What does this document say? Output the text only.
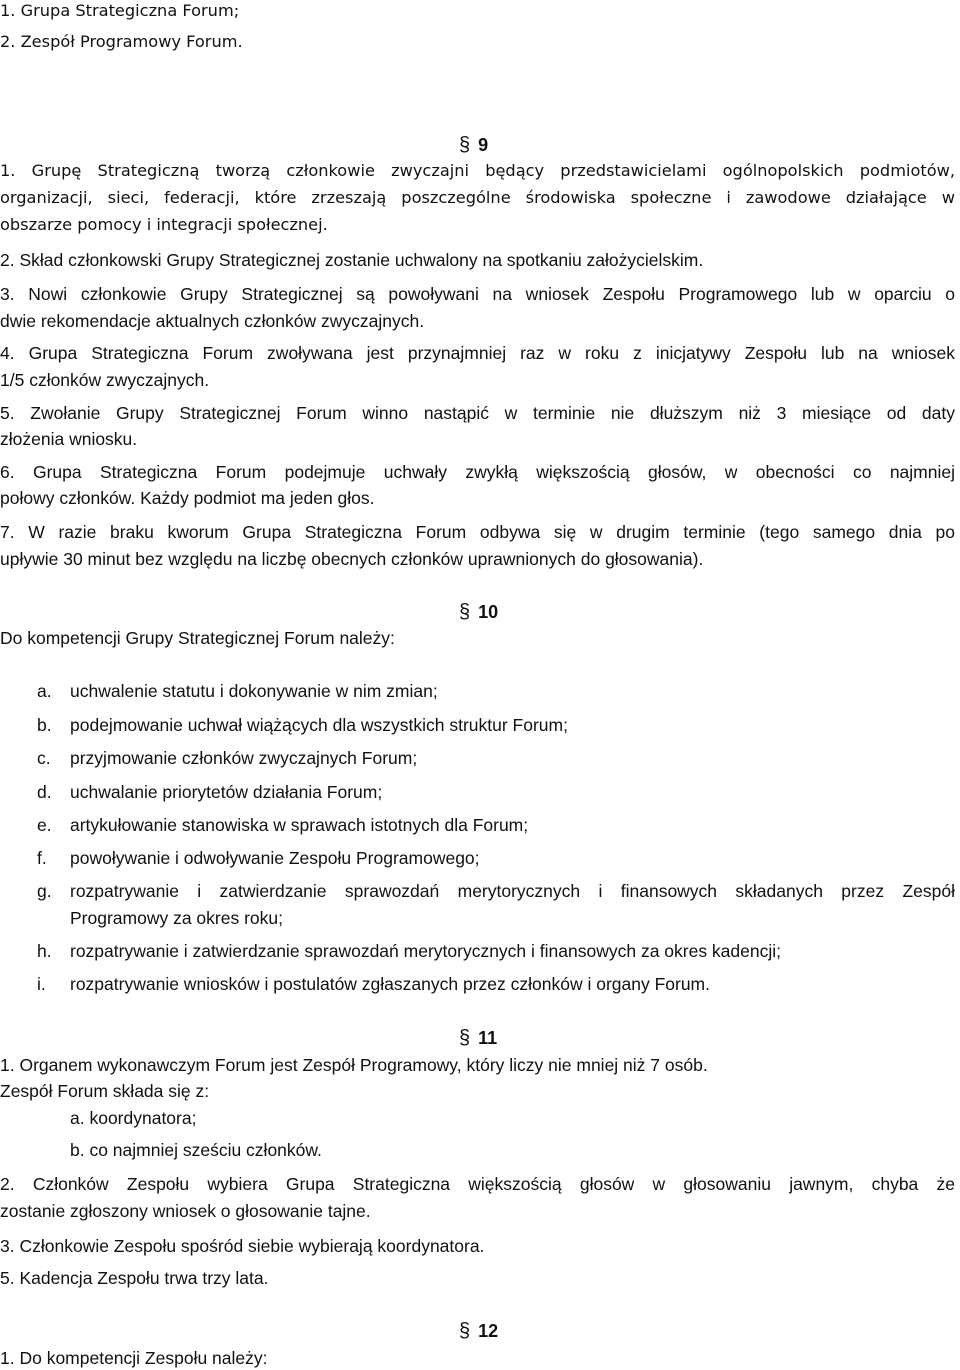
1. Grupa Strategiczna Forum;
2. Zespół Programowy Forum.
§ 9
1. Grupę Strategiczną tworzą członkowie zwyczajni będący przedstawicielami ogólnopolskich podmiotów,
organizacji, sieci, federacji, które zrzeszają poszczególne środowiska społeczne i zawodowe działające w
obszarze pomocy i integracji społecznej.
2. Skład członkowski Grupy Strategicznej zostanie uchwalony na spotkaniu założycielskim.
3. Nowi członkowie Grupy Strategicznej są powoływani na wniosek Zespołu Programowego lub w oparciu o
dwie rekomendacje aktualnych członków zwyczajnych.
4. Grupa Strategiczna Forum zwoływana jest przynajmniej raz w roku z inicjatywy Zespołu lub na wniosek
1/5 członków zwyczajnych.
5. Zwołanie Grupy Strategicznej Forum winno nastąpić w terminie nie dłuższym niż 3 miesiące od daty
złożenia wniosku.
6. Grupa Strategiczna Forum podejmuje uchwały zwykłą większością głosów, w obecności co najmniej
połowy członków. Każdy podmiot ma jeden głos.
7. W razie braku kworum Grupa Strategiczna Forum odbywa się w drugim terminie (tego samego dnia po
upływie 30 minut bez względu na liczbę obecnych członków uprawnionych do głosowania).
§ 10
Do kompetencji Grupy Strategicznej Forum należy:
a. uchwalenie statutu i dokonywanie w nim zmian;
b. podejmowanie uchwał wiążących dla wszystkich struktur Forum;
c. przyjmowanie członków zwyczajnych Forum;
d. uchwalanie priorytetów działania Forum;
e. artykułowanie stanowiska w sprawach istotnych dla Forum;
f. powoływanie i odwoływanie Zespołu Programowego;
g. rozpatrywanie i zatwierdzanie sprawozdań merytorycznych i finansowych składanych przez Zespół
Programowy za okres roku;
h. rozpatrywanie i zatwierdzanie sprawozdań merytorycznych i finansowych za okres kadencji;
i. rozpatrywanie wniosków i postulatów zgłaszanych przez członków i organy Forum.
§ 11
1. Organem wykonawczym Forum jest Zespół Programowy, który liczy nie mniej niż 7 osób.
Zespół Forum składa się z:
a. koordynatora;
b. co najmniej sześciu członków.
2. Członków Zespołu wybiera Grupa Strategiczna większością głosów w głosowaniu jawnym, chyba że
zostanie zgłoszony wniosek o głosowanie tajne.
3. Członkowie Zespołu spośród siebie wybierają koordynatora.
5. Kadencja Zespołu trwa trzy lata.
§ 12
1. Do kompetencji Zespołu należy:
